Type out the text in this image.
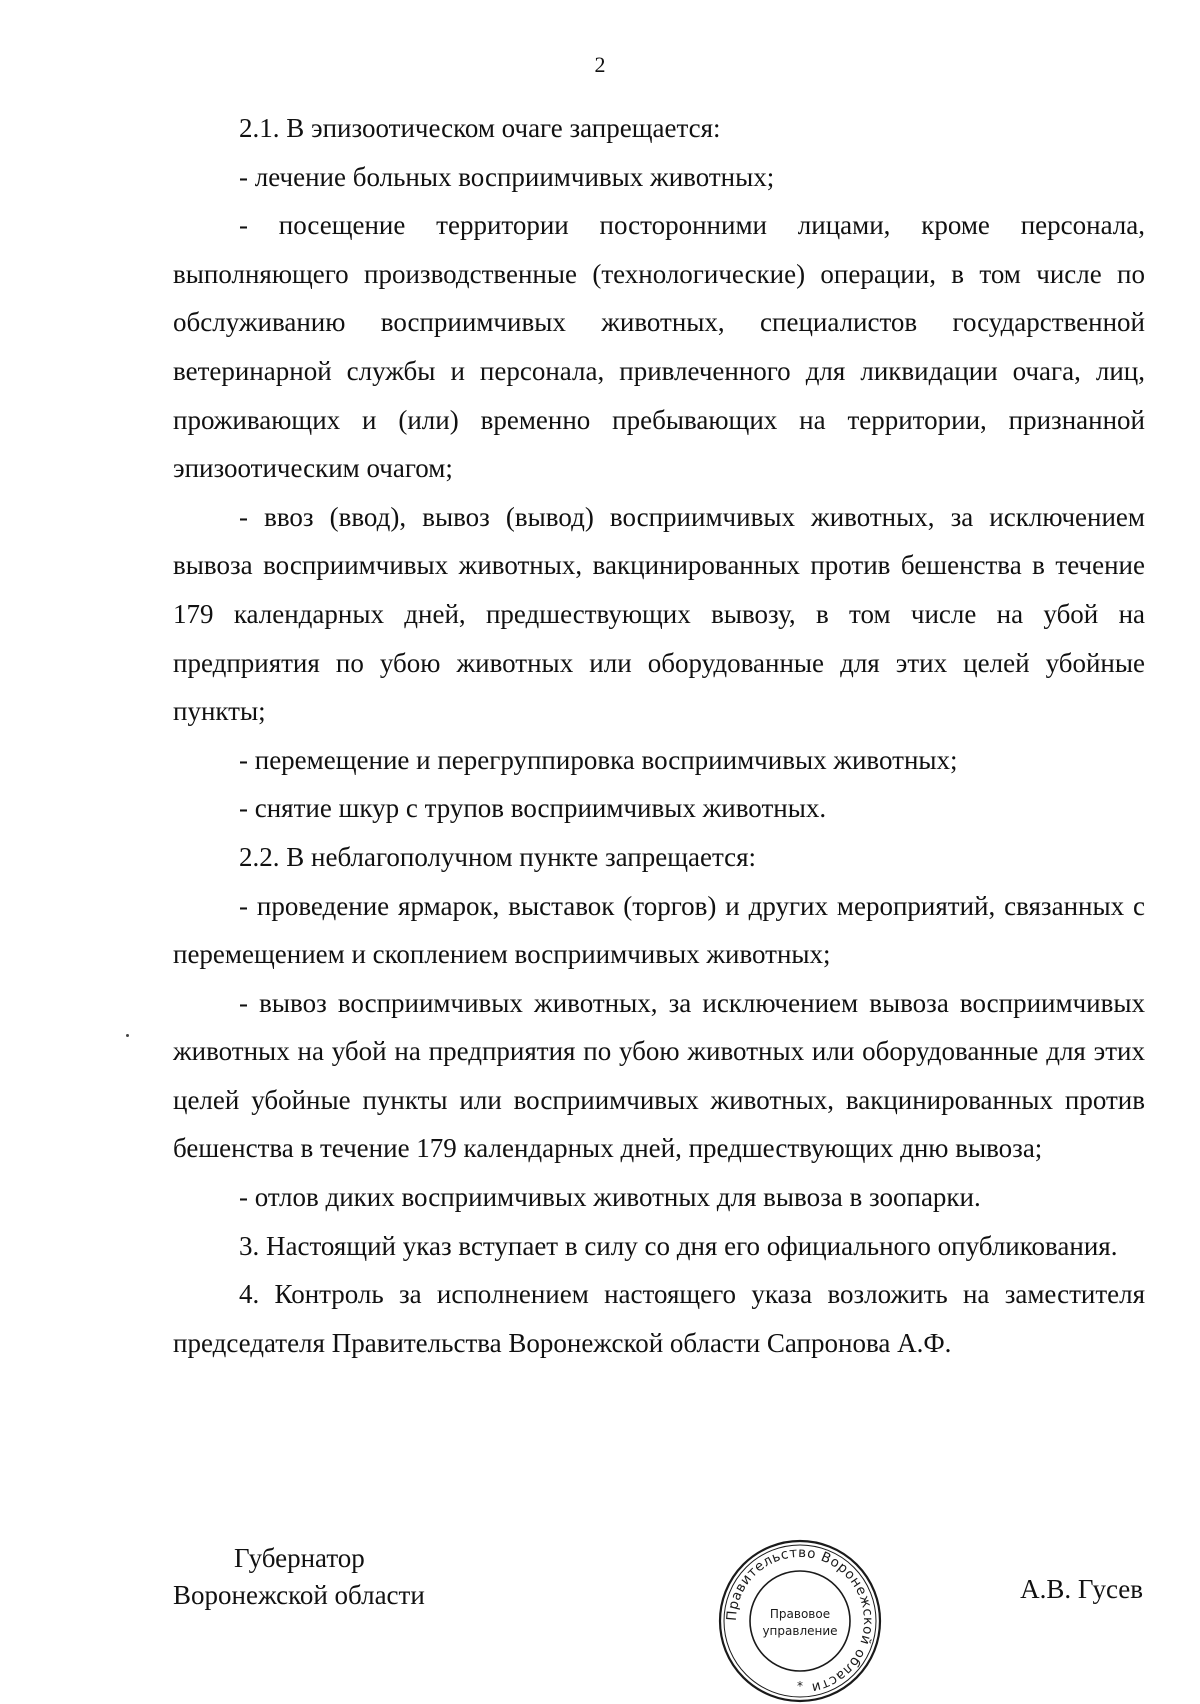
2

2.1. В эпизоотическом очаге запрещается:

- лечение больных восприимчивых животных;

- посещение территории посторонними лицами, кроме персонала, выполняющего производственные (технологические) операции, в том числе по обслуживанию восприимчивых животных, специалистов государственной ветеринарной службы и персонала, привлеченного для ликвидации очага, лиц, проживающих и (или) временно пребывающих на территории, признанной эпизоотическим очагом;

- ввоз (ввод), вывоз (вывод) восприимчивых животных, за исключением вывоза восприимчивых животных, вакцинированных против бешенства в течение 179 календарных дней, предшествующих вывозу, в том числе на убой на предприятия по убою животных или оборудованные для этих целей убойные пункты;

- перемещение и перегруппировка восприимчивых животных;

- снятие шкур с трупов восприимчивых животных.

2.2. В неблагополучном пункте запрещается:

- проведение ярмарок, выставок (торгов) и других мероприятий, связанных с перемещением и скоплением восприимчивых животных;

- вывоз восприимчивых животных, за исключением вывоза восприимчивых животных на убой на предприятия по убою животных или оборудованные для этих целей убойные пункты или восприимчивых животных, вакцинированных против бешенства в течение 179 календарных дней, предшествующих дню вывоза;

- отлов диких восприимчивых животных для вывоза в зоопарки.

3. Настоящий указ вступает в силу со дня его официального опубликования.

4. Контроль за исполнением настоящего указа возложить на заместителя председателя Правительства Воронежской области Сапронова А.Ф.

Губернатор
Воронежской области
Правительство Воронежской области
Правовое
управление
*
А.В. Гусев
